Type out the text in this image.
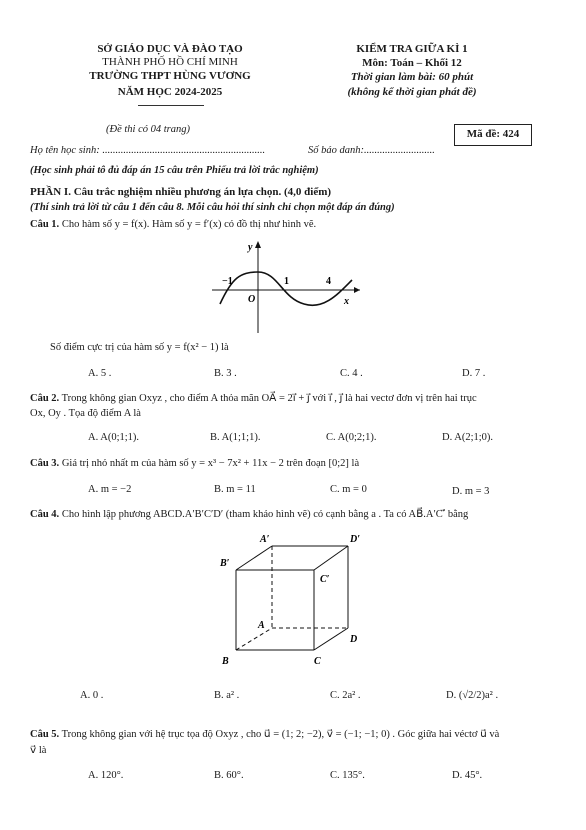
SỞ GIÁO DỤC VÀ ĐÀO TẠO
THÀNH PHỐ HỒ CHÍ MINH
TRƯỜNG THPT HÙNG VƯƠNG
NĂM HỌC 2024-2025
KIỂM TRA GIỮA KÌ 1
Môn: Toán – Khối 12
Thời gian làm bài: 60 phút
(không kể thời gian phát đề)
(Đề thi có 04 trang)	Mã đề: 424
Họ tên học sinh: ..............................................................	Số báo danh:...........................
(Học sinh phải tô đủ đáp án 15 câu trên Phiếu trả lời trắc nghiệm)
PHẦN I. Câu trắc nghiệm nhiều phương án lựa chọn. (4,0 điểm)
(Thí sinh trả lời từ câu 1 đến câu 8. Mỗi câu hỏi thí sinh chỉ chọn một đáp án đúng)
Câu 1. Cho hàm số y = f(x). Hàm số y = f′(x) có đồ thị như hình vẽ.
y
x
O
−1	1	4
Số điểm cực trị của hàm số y = f(x² − 1) là
A. 5 .	B. 3 .	C. 4 .	D. 7 .
Câu 2. Trong không gian Oxyz , cho điểm A thỏa mãn OA⃗ = 2i⃗ + j⃗ với i⃗ , j⃗ là hai vectơ đơn vị trên hai trục
Ox, Oy . Tọa độ điểm A là
A. A(0;1;1).	B. A(1;1;1).	C. A(0;2;1).	D. A(2;1;0).
Câu 3. Giá trị nhỏ nhất m của hàm số y = x³ − 7x² + 11x − 2 trên đoạn [0;2] là
A. m = −2	B. m = 11	C. m = 0	D. m = 3
Câu 4. Cho hình lập phương ABCD.A′B′C′D′ (tham khảo hình vẽ) có cạnh bằng a . Ta có AB⃗.A′C′⃗ bằng
A′	D′
B′
C′
A
D
B	C
A. 0 .	B. a² .	C. 2a² .	D. (√2/2)a² .
Câu 5. Trong không gian với hệ trục tọa độ Oxyz , cho u⃗ = (1; 2; −2), v⃗ = (−1; −1; 0) . Góc giữa hai véctơ u⃗ và
v⃗ là
A. 120°.	B. 60°.	C. 135°.	D. 45°.
